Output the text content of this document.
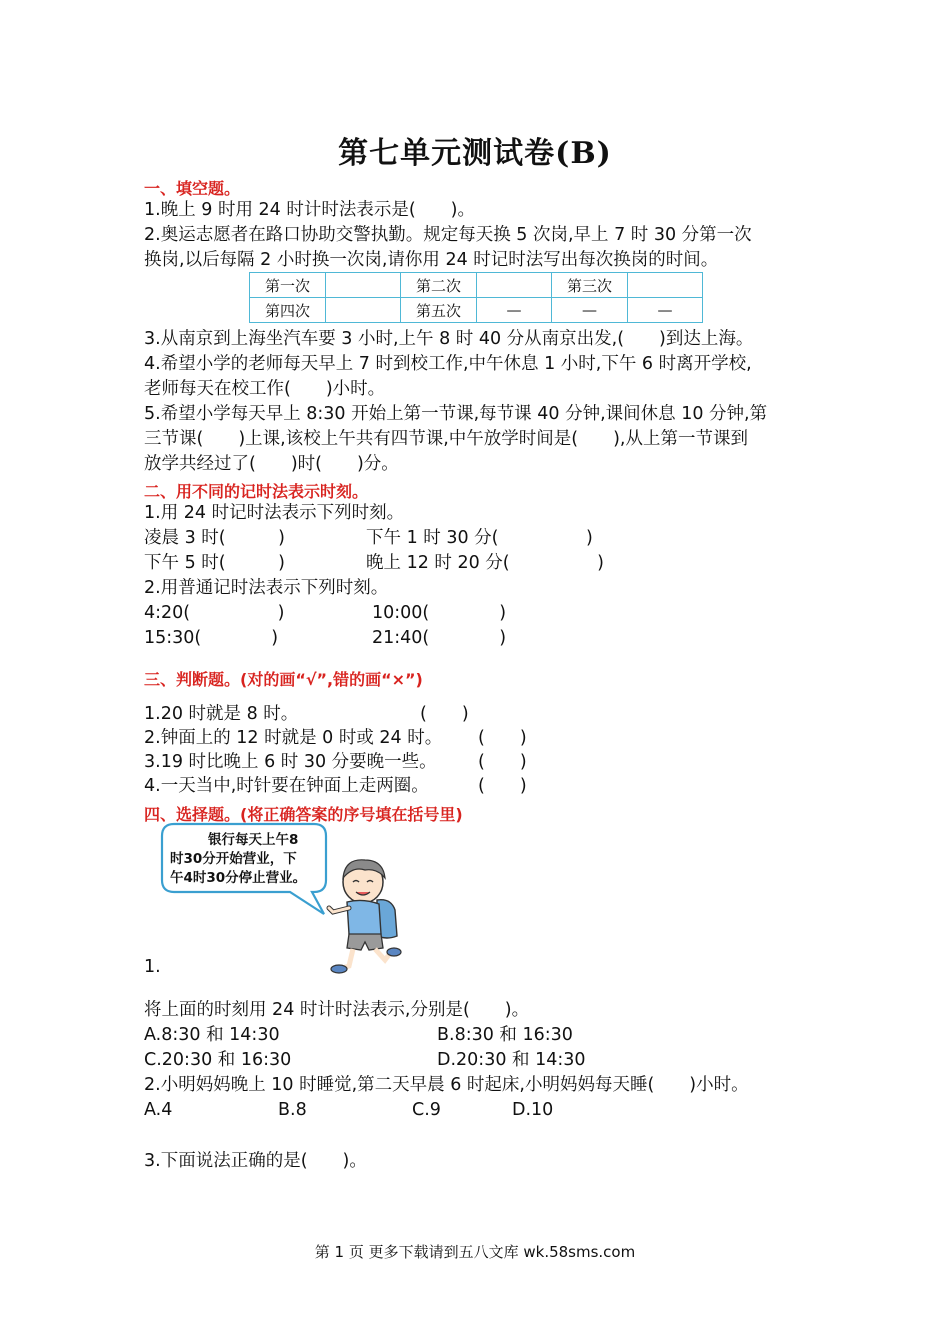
第七单元测试卷(B)
一、填空题。
1.晚上 9 时用 24 时计时法表示是(　　)。
2.奥运志愿者在路口协助交警执勤。规定每天换 5 次岗,早上 7 时 30 分第一次
换岗,以后每隔 2 小时换一次岗,请你用 24 时记时法写出每次换岗的时间。
第一次		第二次		第三次	
第四次		第五次	—	—	—
3.从南京到上海坐汽车要 3 小时,上午 8 时 40 分从南京出发,(　　)到达上海。
4.希望小学的老师每天早上 7 时到校工作,中午休息 1 小时,下午 6 时离开学校,
老师每天在校工作(　　)小时。
5.希望小学每天早上 8:30 开始上第一节课,每节课 40 分钟,课间休息 10 分钟,第
三节课(　　)上课,该校上午共有四节课,中午放学时间是(　　),从上第一节课到
放学共经过了(　　)时(　　)分。
二、用不同的记时法表示时刻。
1.用 24 时记时法表示下列时刻。
凌晨 3 时(　　　)	下午 1 时 30 分(　　　　　)
下午 5 时(　　　)	晚上 12 时 20 分(　　　　　)
2.用普通记时法表示下列时刻。
4:20(　　　　　)	10:00(　　　　)
15:30(　　　　)	21:40(　　　　)
三、判断题。(对的画“√”,错的画“×”)
1.20 时就是 8 时。	(　　)
2.钟面上的 12 时就是 0 时或 24 时。 (　　)
3.19 时比晚上 6 时 30 分要晚一些。 (　　)
4.一天当中,时针要在钟面上走两圈。	(　　)
四、选择题。(将正确答案的序号填在括号里)
银行每天上午8
时30分开始营业，下
午4时30分停止营业。
1.
将上面的时刻用 24 时计时法表示,分别是(　　)。
A.8:30 和 14:30	B.8:30 和 16:30
C.20:30 和 16:30	D.20:30 和 14:30
2.小明妈妈晚上 10 时睡觉,第二天早晨 6 时起床,小明妈妈每天睡(　　)小时。
A.4	B.8	C.9	D.10
3.下面说法正确的是(　　)。
第 1 页 更多下载请到五八文库 wk.58sms.com
